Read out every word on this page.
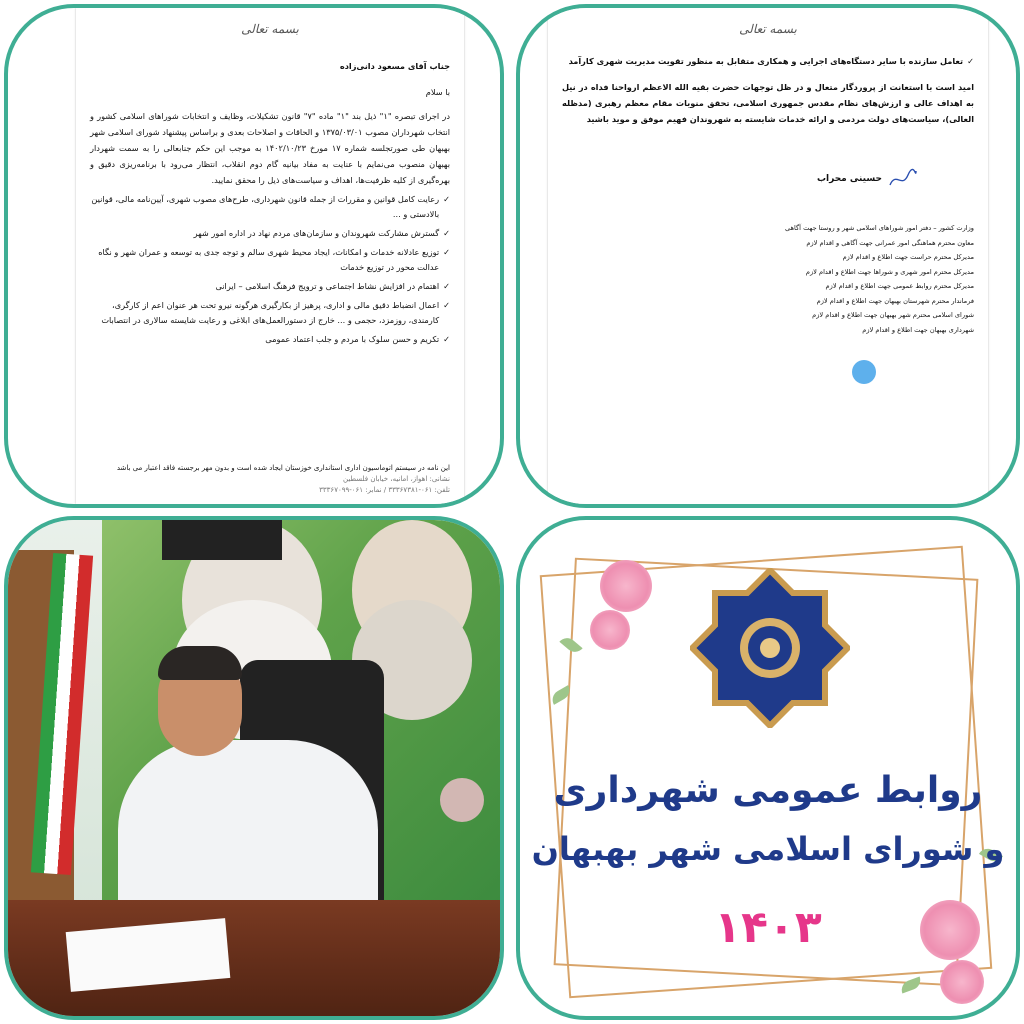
بسمه تعالی
جناب آقای مسعود دانی‌زاده
با سلام
در اجرای تبصره "۱" ذیل بند "۱" ماده "۷" قانون تشکیلات، وظایف و انتخابات شوراهای اسلامی کشور و انتخاب شهرداران مصوب ۱۳۷۵/۰۳/۰۱ و الحاقات و اصلاحات بعدی و براساس پیشنهاد شورای اسلامی شهر بهبهان طی صورتجلسه شماره ۱۷ مورخ ۱۴۰۲/۱۰/۲۳ به موجب این حکم جنابعالی را به سمت شهردار بهبهان منصوب می‌نمایم با عنایت به مفاد بیانیه گام دوم انقلاب، انتظار می‌رود با برنامه‌ریزی دقیق و بهره‌گیری از کلیه ظرفیت‌ها، اهداف و سیاست‌های ذیل را محقق نمایید.
✓
رعایت کامل قوانین و مقررات از جمله قانون شهرداری، طرح‌های مصوب شهری، آیین‌نامه مالی، قوانین بالادستی و ...
✓
گسترش مشارکت شهروندان و سازمان‌های مردم نهاد در اداره امور شهر
✓
توزیع عادلانه خدمات و امکانات، ایجاد محیط شهری سالم و توجه جدی به توسعه و عمران شهر و نگاه عدالت محور در توزیع خدمات
✓
اهتمام در افزایش نشاط اجتماعی و ترویج فرهنگ اسلامی – ایرانی
✓
اعمال انضباط دقیق مالی و اداری، پرهیز از بکارگیری هرگونه نیرو تحت هر عنوان اعم از کارگری، کارمندی، روزمزد، حجمی و ... خارج از دستورالعمل‌های ابلاغی و رعایت شایسته سالاری در انتصابات
✓
تکریم و حسن سلوک با مردم و جلب اعتماد عمومی
این نامه در سیستم اتوماسیون اداری استانداری خوزستان ایجاد شده است و بدون مهر برجسته فاقد اعتبار می باشد
نشانی: اهواز، امانیه، خیابان فلسطین
تلفن: ۰۶۱-۳۳۳۶۷۳۸۱ / نمابر: ۰۶۱-۳۳۳۶۷۰۹۹
بسمه تعالی
✓
تعامل سازنده با سایر دستگاه‌های اجرایی و همکاری متقابل به منظور تقویت مدیریت شهری کارآمد
امید است با استعانت از پروردگار متعال و در ظل توجهات حضرت بقیه الله الاعظم ارواحنا فداه در نیل به اهداف عالی و ارزش‌های نظام مقدس جمهوری اسلامی، تحقق منویات مقام معظم رهبری (مدظله العالی)، سیاست‌های دولت مردمی و ارائه خدمات شایسته به شهروندان فهیم موفق و موید باشید
حسینی محراب
وزارت کشور – دفتر امور شوراهای اسلامی شهر و روستا جهت آگاهی
معاون محترم هماهنگی امور عمرانی جهت آگاهی و اقدام لازم
مدیرکل محترم حراست جهت اطلاع و اقدام لازم
مدیرکل محترم امور شهری و شوراها جهت اطلاع و اقدام لازم
مدیرکل محترم روابط عمومی جهت اطلاع و اقدام لازم
فرماندار محترم شهرستان بهبهان جهت اطلاع و اقدام لازم
شورای اسلامی محترم شهر بهبهان جهت اطلاع و اقدام لازم
شهرداری بهبهان جهت اطلاع و اقدام لازم
روابط عمومی شهرداری
و شورای اسلامی شهر بهبهان
۱۴۰۳
